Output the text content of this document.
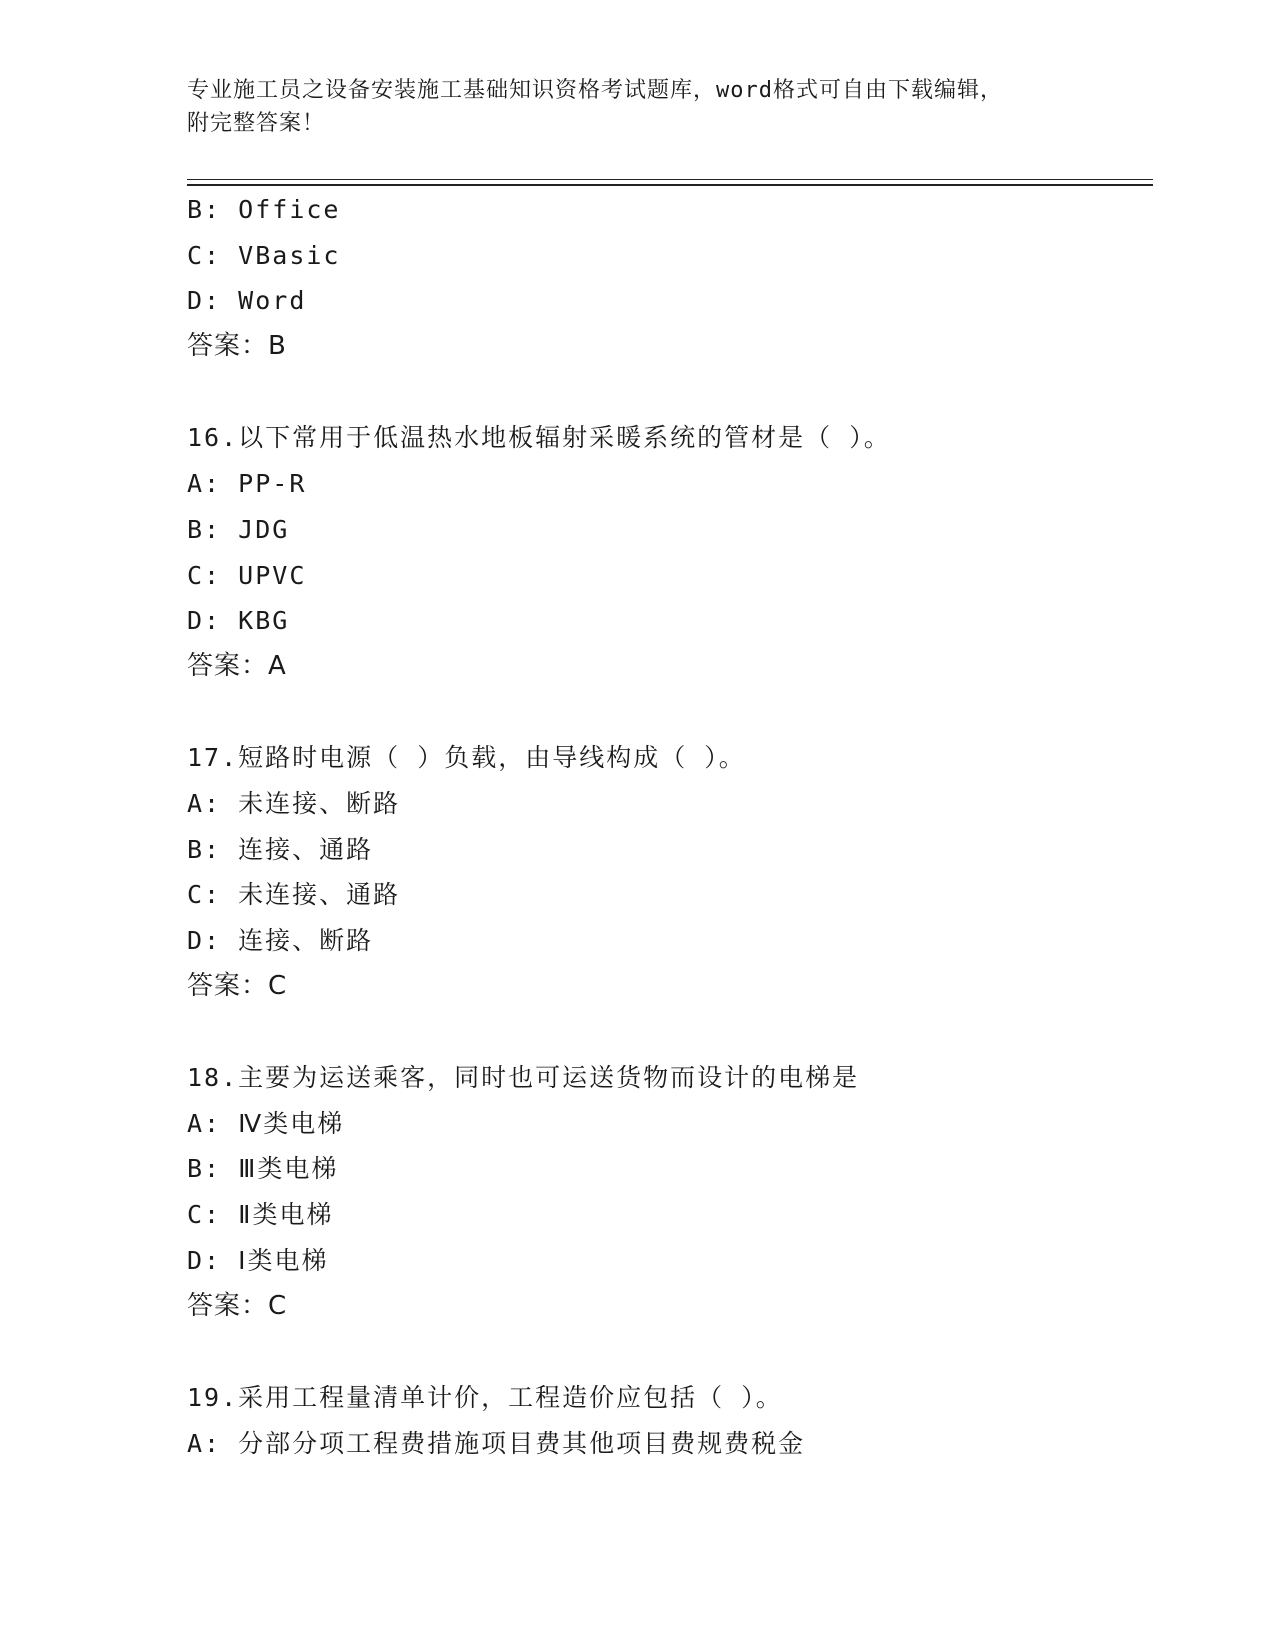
专业施工员之设备安装施工基础知识资格考试题库，word格式可自由下载编辑，
附完整答案！
B: Office
C: VBasic
D: Word
答案：B
16.以下常用于低温热水地板辐射采暖系统的管材是（ ）。
A: PP-R
B: JDG
C: UPVC
D: KBG
答案：A
17.短路时电源（ ）负载，由导线构成（ ）。
A: 未连接、断路
B: 连接、通路
C: 未连接、通路
D: 连接、断路
答案：C
18.主要为运送乘客，同时也可运送货物而设计的电梯是
A: Ⅳ类电梯
B: Ⅲ类电梯
C: Ⅱ类电梯
D: Ⅰ类电梯
答案：C
19.采用工程量清单计价，工程造价应包括（ ）。
A: 分部分项工程费措施项目费其他项目费规费税金
